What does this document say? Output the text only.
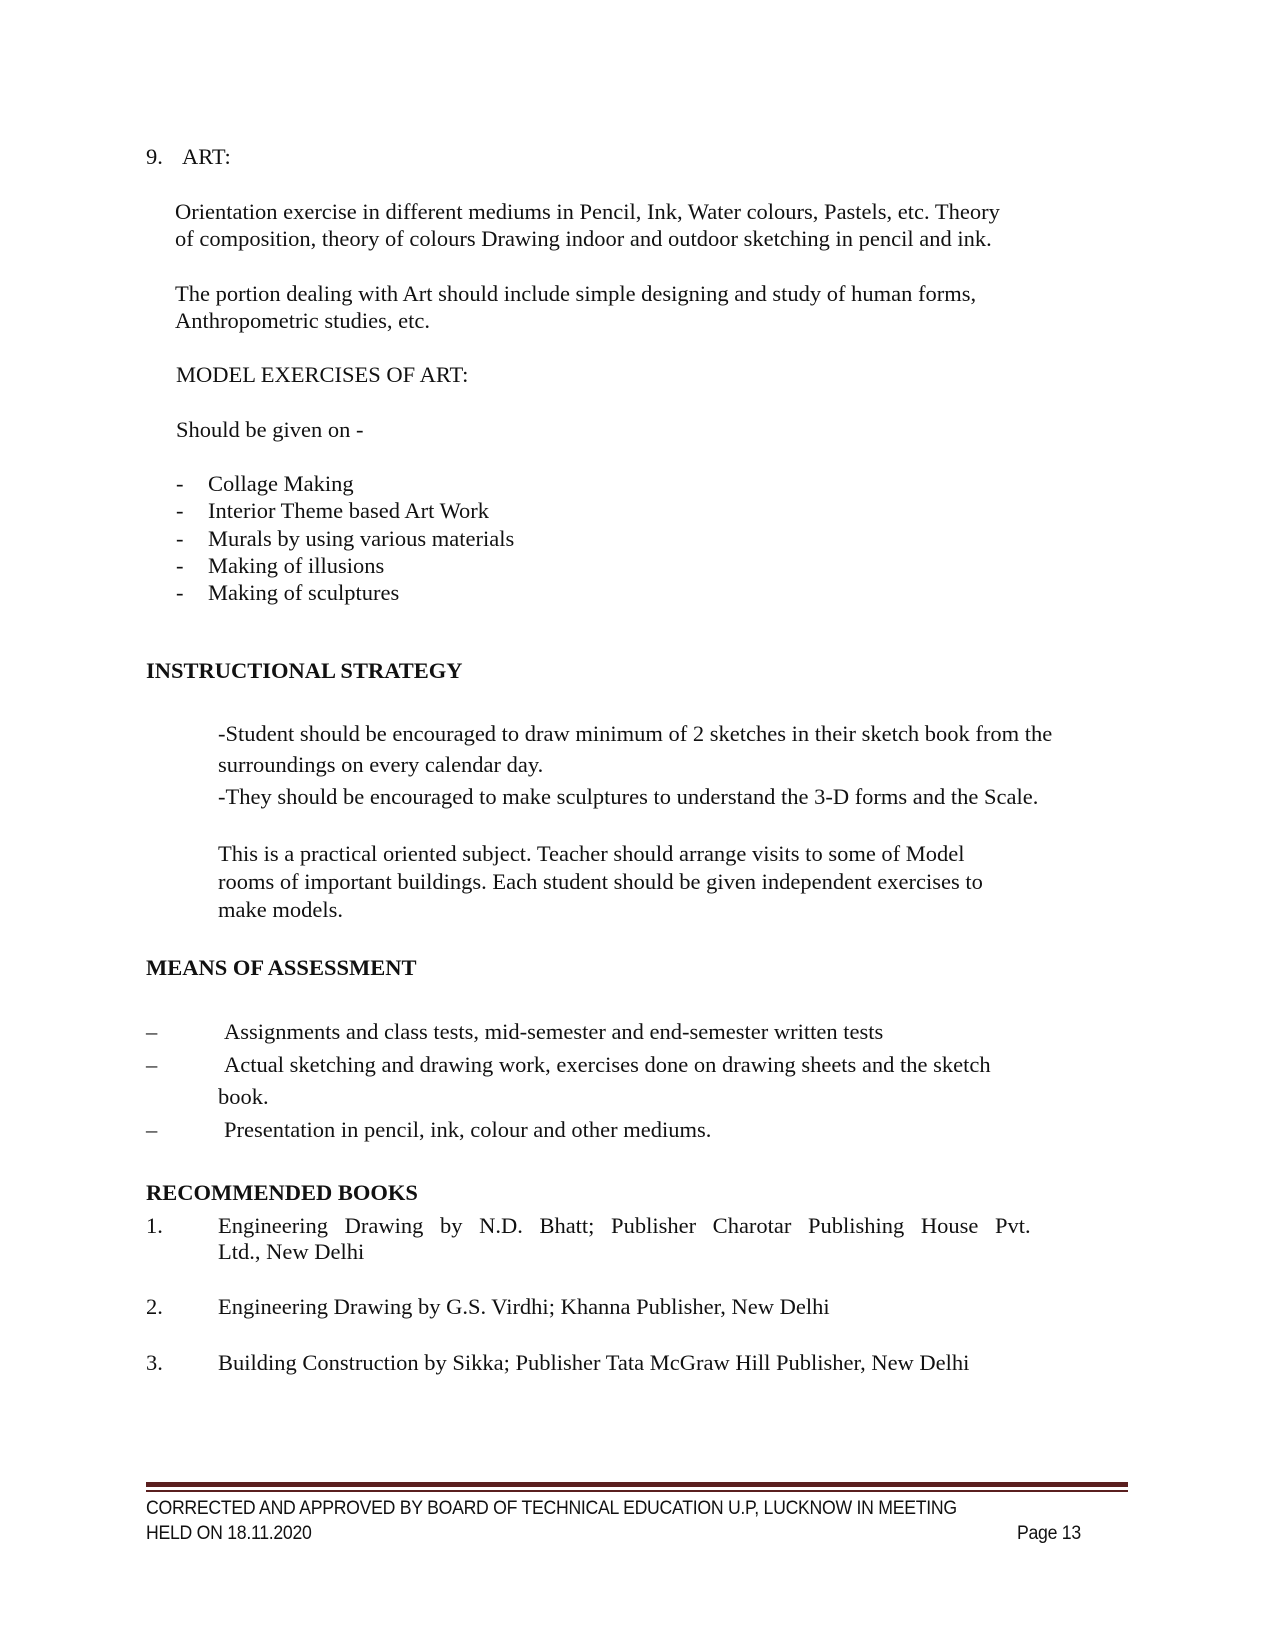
9. ART:
Orientation exercise in different mediums in Pencil, Ink, Water colours, Pastels, etc. Theory
of composition, theory of colours Drawing indoor and outdoor sketching in pencil and ink.
The portion dealing with Art should include simple designing and study of human forms,
Anthropometric studies, etc.
MODEL EXERCISES OF ART:
Should be given on -
- Collage Making
- Interior Theme based Art Work
- Murals by using various materials
- Making of illusions
- Making of sculptures
INSTRUCTIONAL STRATEGY
-Student should be encouraged to draw minimum of 2 sketches in their sketch book from the
surroundings on every calendar day.
-They should be encouraged to make sculptures to understand the 3-D forms and the Scale.
This is a practical oriented subject. Teacher should arrange visits to some of Model
rooms of important buildings. Each student should be given independent exercises to
make models.
MEANS OF ASSESSMENT
–	Assignments and class tests, mid-semester and end-semester written tests
–	Actual sketching and drawing work, exercises done on drawing sheets and the sketch
book.
–	Presentation in pencil, ink, colour and other mediums.
RECOMMENDED BOOKS
1. Engineering Drawing by N.D. Bhatt; Publisher Charotar Publishing House Pvt.
Ltd., New Delhi
2. Engineering Drawing by G.S. Virdhi; Khanna Publisher, New Delhi
3. Building Construction by Sikka; Publisher Tata McGraw Hill Publisher, New Delhi
CORRECTED AND APPROVED BY BOARD OF TECHNICAL EDUCATION U.P, LUCKNOW IN MEETING
HELD ON 18.11.2020	Page 13
